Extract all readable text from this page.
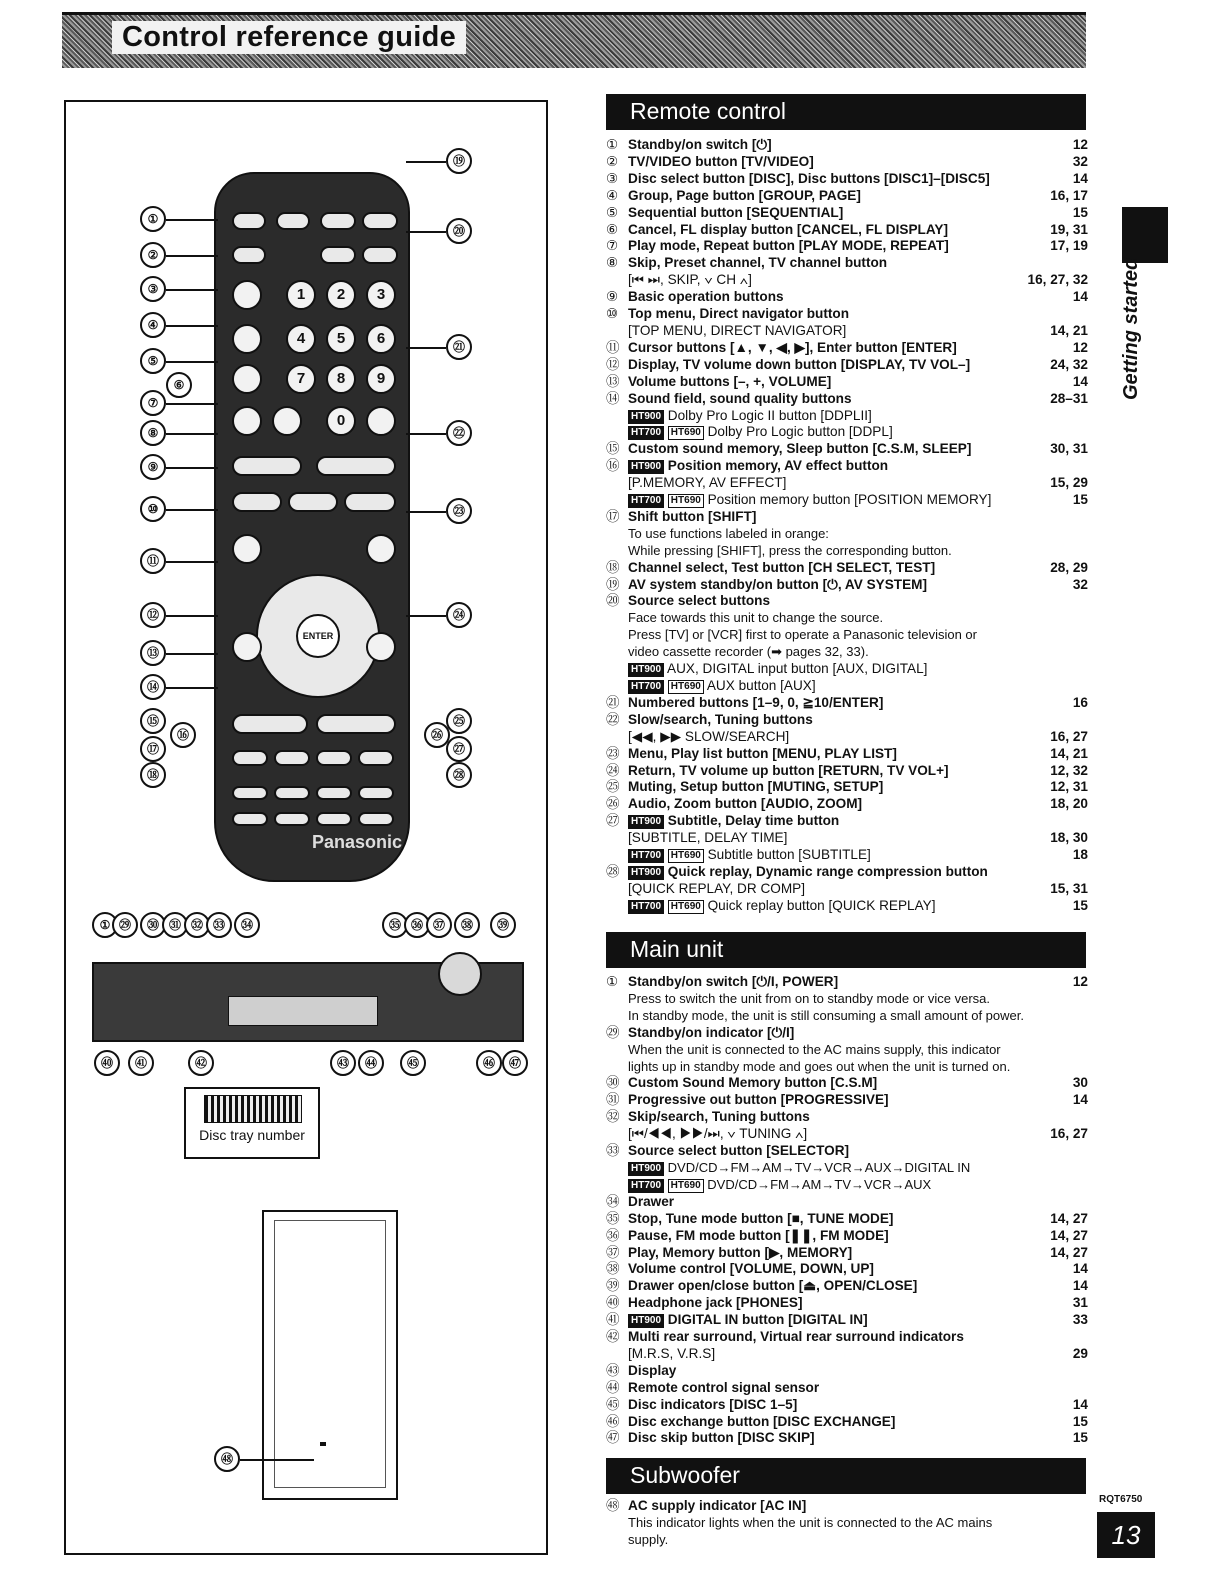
Control reference guide
1	2	3
4	5	6
7	8	9
0
ENTER
Panasonic
①
②
③
④
⑤
⑥
⑦
⑧
⑨
⑩
⑪
⑫
⑬
⑭
⑮
⑯
⑰
⑱
⑲
⑳
㉑
㉒
㉓
㉔
㉕
㉖
㉗
㉘
① ㉙	㉚ ㉛ ㉜ ㉝	㉞	㉟ ㊱ ㊲	㊳	㊴
㊵	㊶	㊷	㊸	㊹	㊺	㊻	㊼
Disc tray number
㊽
Remote control
① Standby/on switch [⏻]	12
② TV/VIDEO button [TV/VIDEO]	32
③ Disc select button [DISC], Disc buttons [DISC1]–[DISC5]	14
④ Group, Page button [GROUP, PAGE]	16, 17
⑤ Sequential button [SEQUENTIAL]	15
⑥ Cancel, FL display button [CANCEL, FL DISPLAY]	19, 31
⑦ Play mode, Repeat button [PLAY MODE, REPEAT]	17, 19
⑧ Skip, Preset channel, TV channel button
[⏮ ⏭, SKIP, ∨ CH ∧]	16, 27, 32
⑨ Basic operation buttons	14
⑩ Top menu, Direct navigator button
[TOP MENU, DIRECT NAVIGATOR]	14, 21
⑪ Cursor buttons [▲, ▼, ◀, ▶], Enter button [ENTER]	12
⑫ Display, TV volume down button [DISPLAY, TV VOL–]	24, 32
⑬ Volume buttons [–, +, VOLUME]	14
⑭ Sound field, sound quality buttons	28–31
HT900 Dolby Pro Logic II button [DDPLII]
HT700 HT690 Dolby Pro Logic button [DDPL]
⑮ Custom sound memory, Sleep button [C.S.M, SLEEP]	30, 31
⑯ HT900 Position memory, AV effect button
[P.MEMORY, AV EFFECT]	15, 29
HT700 HT690 Position memory button [POSITION MEMORY]	15
⑰ Shift button [SHIFT]
To use functions labeled in orange:
While pressing [SHIFT], press the corresponding button.
⑱ Channel select, Test button [CH SELECT, TEST]	28, 29
⑲ AV system standby/on button [⏻, AV SYSTEM]	32
⑳ Source select buttons
Face towards this unit to change the source.
Press [TV] or [VCR] first to operate a Panasonic television or
video cassette recorder (➡ pages 32, 33).
HT900 AUX, DIGITAL input button [AUX, DIGITAL]
HT700 HT690 AUX button [AUX]
㉑ Numbered buttons [1–9, 0, ≧10/ENTER]	16
㉒ Slow/search, Tuning buttons
[◀◀, ▶▶ SLOW/SEARCH]	16, 27
㉓ Menu, Play list button [MENU, PLAY LIST]	14, 21
㉔ Return, TV volume up button [RETURN, TV VOL+]	12, 32
㉕ Muting, Setup button [MUTING, SETUP]	12, 31
㉖ Audio, Zoom button [AUDIO, ZOOM]	18, 20
㉗ HT900 Subtitle, Delay time button
[SUBTITLE, DELAY TIME]	18, 30
HT700 HT690 Subtitle button [SUBTITLE]	18
㉘ HT900 Quick replay, Dynamic range compression button
[QUICK REPLAY, DR COMP]	15, 31
HT700 HT690 Quick replay button [QUICK REPLAY]	15
Main unit
① Standby/on switch [⏻/I, POWER]	12
Press to switch the unit from on to standby mode or vice versa.
In standby mode, the unit is still consuming a small amount of power.
㉙ Standby/on indicator [⏻/I]
When the unit is connected to the AC mains supply, this indicator
lights up in standby mode and goes out when the unit is turned on.
㉚ Custom Sound Memory button [C.S.M]	30
㉛ Progressive out button [PROGRESSIVE]	14
㉜ Skip/search, Tuning buttons
[⏮/◀◀, ▶▶/⏭, ∨ TUNING ∧]	16, 27
㉝ Source select button [SELECTOR]
HT900 DVD/CD→FM→AM→TV→VCR→AUX→DIGITAL IN
HT700 HT690 DVD/CD→FM→AM→TV→VCR→AUX
㉞ Drawer
㉟ Stop, Tune mode button [■, TUNE MODE]	14, 27
㊱ Pause, FM mode button [❚❚, FM MODE]	14, 27
㊲ Play, Memory button [▶, MEMORY]	14, 27
㊳ Volume control [VOLUME, DOWN, UP]	14
㊴ Drawer open/close button [⏏, OPEN/CLOSE]	14
㊵ Headphone jack [PHONES]	31
㊶ HT900 DIGITAL IN button [DIGITAL IN]	33
㊷ Multi rear surround, Virtual rear surround indicators
[M.R.S, V.R.S]	29
㊸ Display
㊹ Remote control signal sensor
㊺ Disc indicators [DISC 1–5]	14
㊻ Disc exchange button [DISC EXCHANGE]	15
㊼ Disc skip button [DISC SKIP]	15
Subwoofer
㊽ AC supply indicator [AC IN]
This indicator lights when the unit is connected to the AC mains
supply.
Getting started
RQT6750
13
